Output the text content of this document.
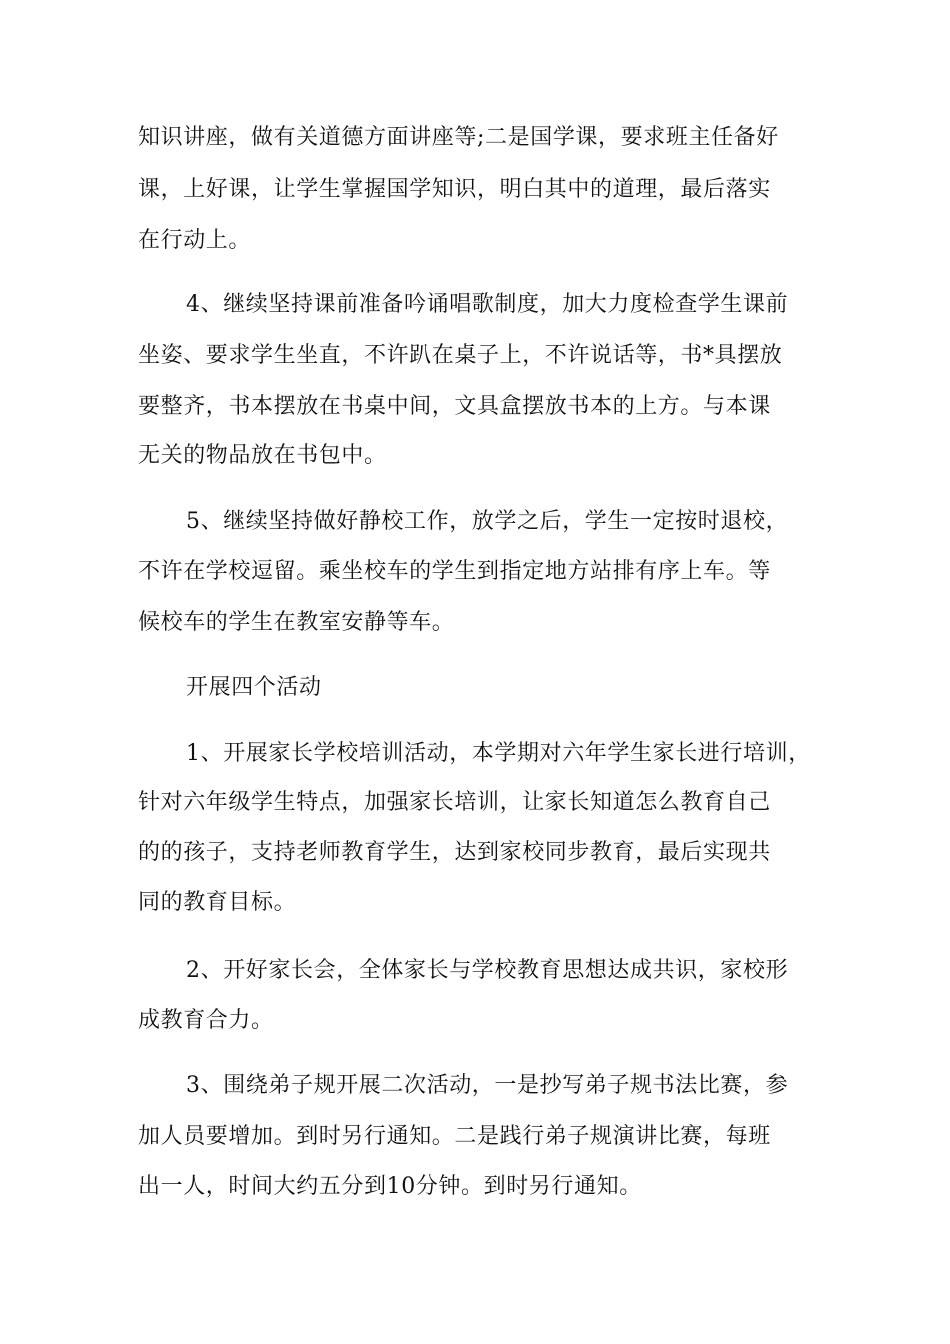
知识讲座，做有关道德方面讲座等;二是国学课，要求班主任备好
课，上好课，让学生掌握国学知识，明白其中的道理，最后落实
在行动上。
4、继续坚持课前准备吟诵唱歌制度，加大力度检查学生课前
坐姿、要求学生坐直，不许趴在桌子上，不许说话等，书*具摆放
要整齐，书本摆放在书桌中间，文具盒摆放书本的上方。与本课
无关的物品放在书包中。
5、继续坚持做好静校工作，放学之后，学生一定按时退校，
不许在学校逗留。乘坐校车的学生到指定地方站排有序上车。等
候校车的学生在教室安静等车。
开展四个活动
1、开展家长学校培训活动，本学期对六年学生家长进行培训，
针对六年级学生特点，加强家长培训，让家长知道怎么教育自己
的的孩子，支持老师教育学生，达到家校同步教育，最后实现共
同的教育目标。
2、开好家长会，全体家长与学校教育思想达成共识，家校形
成教育合力。
3、围绕弟子规开展二次活动，一是抄写弟子规书法比赛，参
加人员要增加。到时另行通知。二是践行弟子规演讲比赛，每班
出一人，时间大约五分到10分钟。到时另行通知。
